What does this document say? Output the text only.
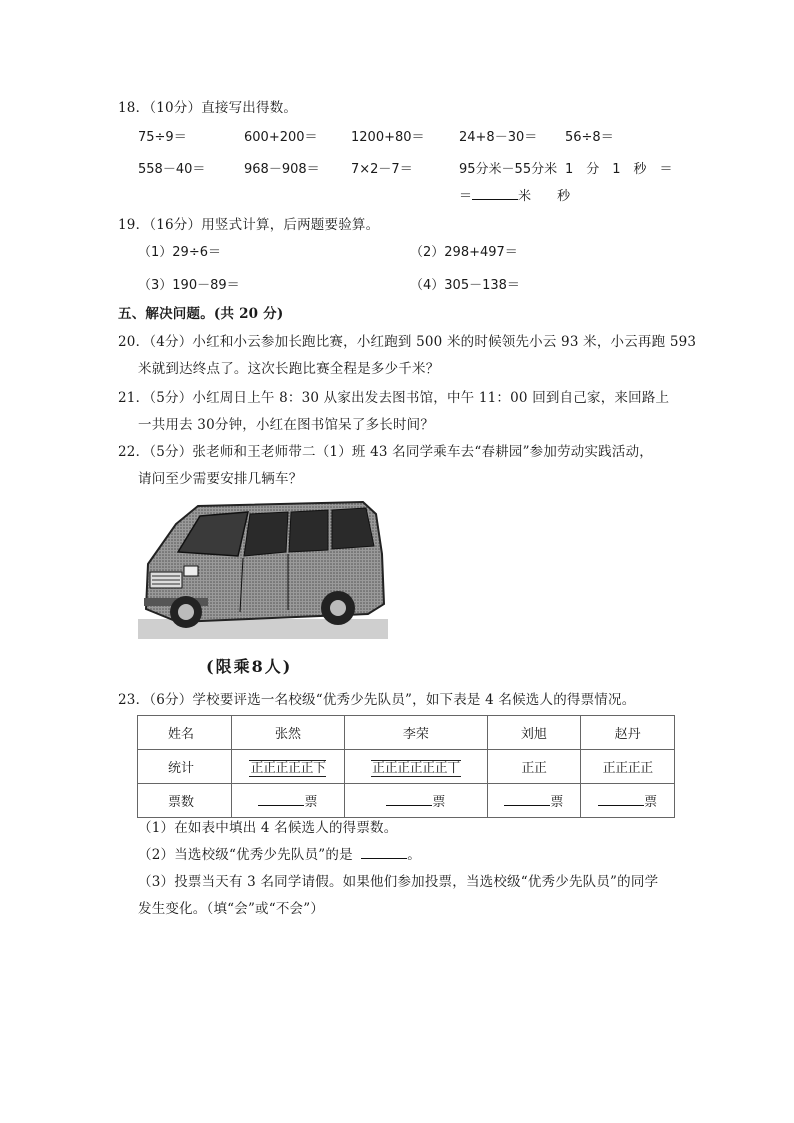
18．（10分）直接写出得数。
75÷9＝	600+200＝	1200+80＝	24+8－30＝ 56÷8＝
558－40＝	968－908＝ 7×2－7＝	95分米－55分米 1　分　1　秒　＝
＝	米 秒
19．（16分）用竖式计算，后两题要验算。
（1）29÷6＝	（2）298+497＝
（3）190－89＝	（4）305－138＝
五、解决问题。(共 20 分)
20．（4分）小红和小云参加长跑比赛，小红跑到 500 米的时候领先小云 93 米，小云再跑 593
米就到达终点了。这次长跑比赛全程是多少千米？
21．（5分）小红周日上午 8：30 从家出发去图书馆，中午 11：00 回到自己家，来回路上
一共用去 30分钟，小红在图书馆呆了多长时间？
22．（5分）张老师和王老师带二（1）班 43 名同学乘车去“春耕园”参加劳动实践活动，
请问至少需要安排几辆车？
(限乘8人)
23．（6分）学校要评选一名校级“优秀少先队员”，如下表是 4 名候选人的得票情况。
姓名	张然	李荣	刘旭	赵丹
统计	正正正正正下	正正正正正正丅	正正	正正正正
票数	票	票	票	票
（1）在如表中填出 4 名候选人的得票数。
（2）当选校级“优秀少先队员”的是	。
（3）投票当天有 3 名同学请假。如果他们参加投票，当选校级“优秀少先队员”的同学
发生变化。（填“会”或“不会”）
